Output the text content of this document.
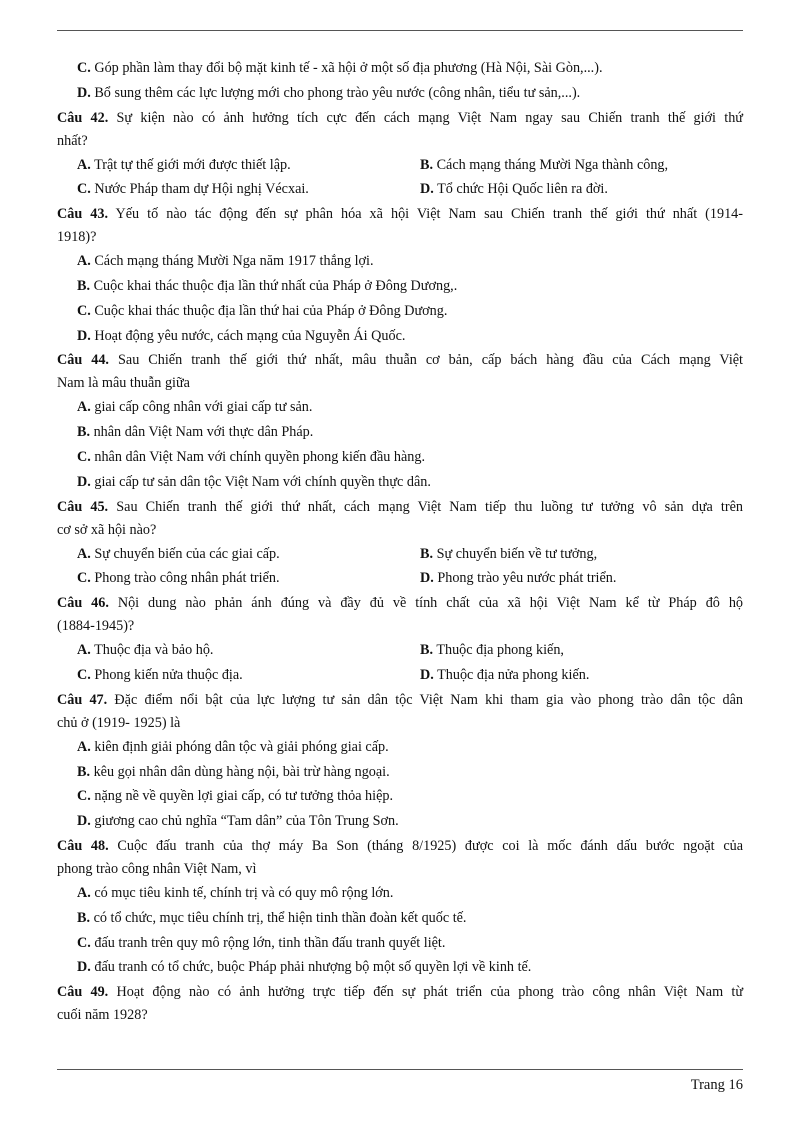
C. Góp phần làm thay đổi bộ mặt kinh tế - xã hội ở một số địa phương (Hà Nội, Sài Gòn,...).
D. Bổ sung thêm các lực lượng mới cho phong trào yêu nước (công nhân, tiểu tư sản,...).
Câu 42. Sự kiện nào có ảnh hưởng tích cực đến cách mạng Việt Nam ngay sau Chiến tranh thế giới thứ
nhất?
A. Trật tự thế giới mới được thiết lập.	B. Cách mạng tháng Mười Nga thành công,
C. Nước Pháp tham dự Hội nghị Vécxai.	D. Tổ chức Hội Quốc liên ra đời.
Câu 43. Yếu tố nào tác động đến sự phân hóa xã hội Việt Nam sau Chiến tranh thế giới thứ nhất (1914-
1918)?
A. Cách mạng tháng Mười Nga năm 1917 thắng lợi.
B. Cuộc khai thác thuộc địa lần thứ nhất của Pháp ở Đông Dương,.
C. Cuộc khai thác thuộc địa lần thứ hai của Pháp ở Đông Dương.
D. Hoạt động yêu nước, cách mạng của Nguyễn Ái Quốc.
Câu 44. Sau Chiến tranh thế giới thứ nhất, mâu thuẫn cơ bản, cấp bách hàng đầu của Cách mạng Việt
Nam là mâu thuẫn giữa
A. giai cấp công nhân với giai cấp tư sản.
B. nhân dân Việt Nam với thực dân Pháp.
C. nhân dân Việt Nam với chính quyền phong kiến đầu hàng.
D. giai cấp tư sản dân tộc Việt Nam với chính quyền thực dân.
Câu 45. Sau Chiến tranh thế giới thứ nhất, cách mạng Việt Nam tiếp thu luồng tư tưởng vô sản dựa trên
cơ sở xã hội nào?
A. Sự chuyển biến của các giai cấp.	B. Sự chuyển biến về tư tưởng,
C. Phong trào công nhân phát triển.	D. Phong trào yêu nước phát triển.
Câu 46. Nội dung nào phản ánh đúng và đầy đủ về tính chất của xã hội Việt Nam kể từ Pháp đô hộ
(1884-1945)?
A. Thuộc địa và bảo hộ.	B. Thuộc địa phong kiến,
C. Phong kiến nửa thuộc địa.	D. Thuộc địa nửa phong kiến.
Câu 47. Đặc điểm nổi bật của lực lượng tư sản dân tộc Việt Nam khi tham gia vào phong trào dân tộc dân
chủ ở (1919- 1925) là
A. kiên định giải phóng dân tộc và giải phóng giai cấp.
B. kêu gọi nhân dân dùng hàng nội, bài trừ hàng ngoại.
C. nặng nề về quyền lợi giai cấp, có tư tưởng thỏa hiệp.
D. giương cao chủ nghĩa “Tam dân” của Tôn Trung Sơn.
Câu 48. Cuộc đấu tranh của thợ máy Ba Son (tháng 8/1925) được coi là mốc đánh dấu bước ngoặt của
phong trào công nhân Việt Nam, vì
A. có mục tiêu kinh tế, chính trị và có quy mô rộng lớn.
B. có tổ chức, mục tiêu chính trị, thể hiện tinh thần đoàn kết quốc tế.
C. đấu tranh trên quy mô rộng lớn, tinh thần đấu tranh quyết liệt.
D. đấu tranh có tổ chức, buộc Pháp phải nhượng bộ một số quyền lợi về kinh tế.
Câu 49. Hoạt động nào có ảnh hưởng trực tiếp đến sự phát triển của phong trào công nhân Việt Nam từ
cuối năm 1928?
Trang 16
